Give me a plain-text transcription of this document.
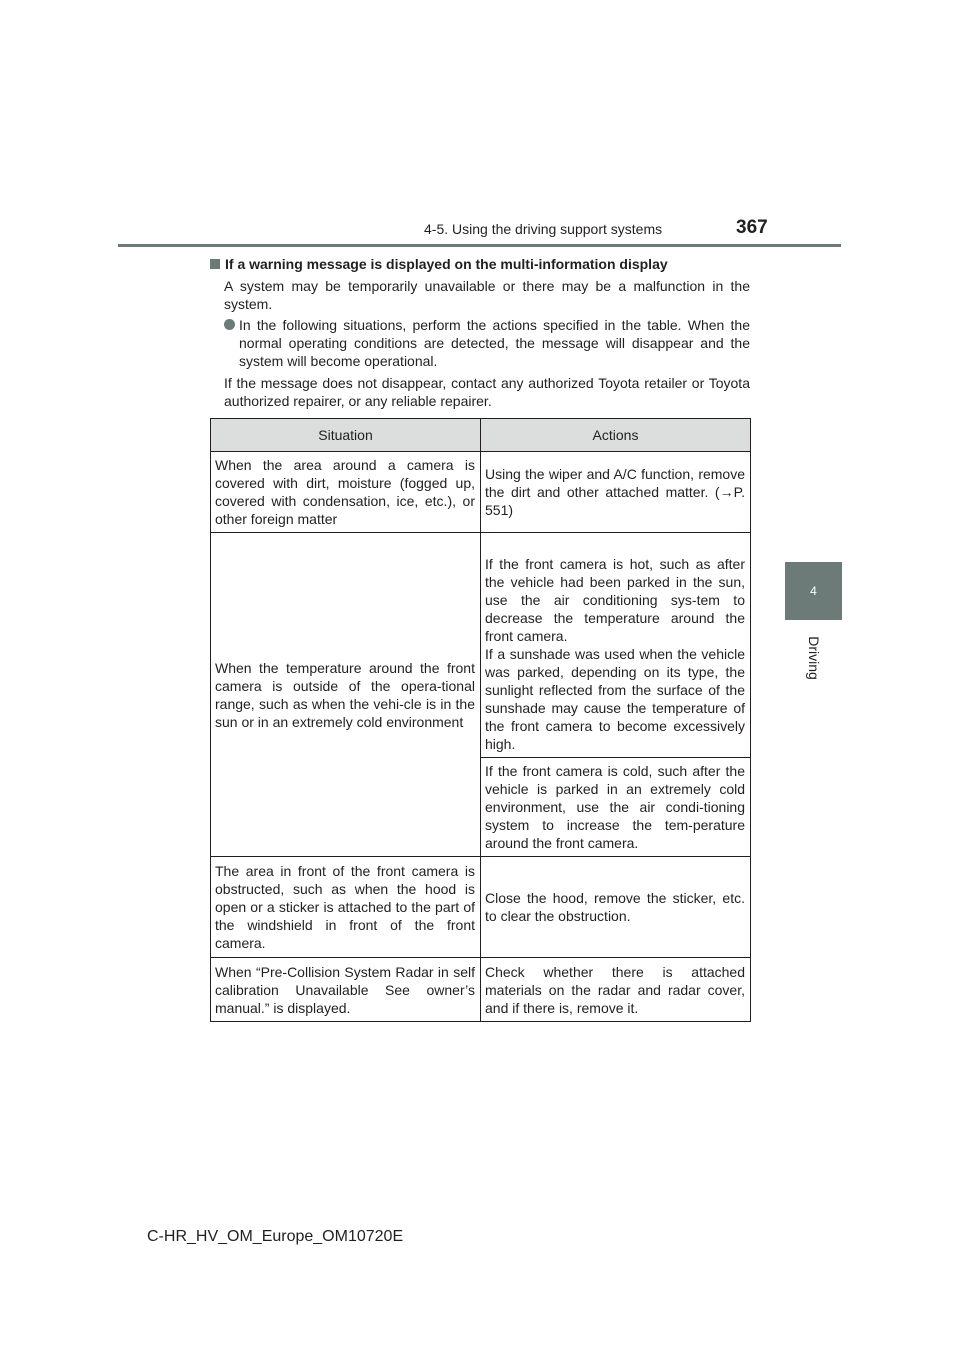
4-5. Using the driving support systems	367
4
Driving
If a warning message is displayed on the multi-information display

A system may be temporarily unavailable or there may be a malfunction in the system.

In the following situations, perform the actions specified in the table. When the normal operating conditions are detected, the message will disappear and the system will become operational.

If the message does not disappear, contact any authorized Toyota retailer or Toyota authorized repairer, or any reliable repairer.

Situation	Actions
When the area around a camera is covered with dirt, moisture (fogged up, covered with condensation, ice, etc.), or other foreign matter	Using the wiper and A/C function, remove the dirt and other attached matter. (→P. 551)
When the temperature around the front camera is outside of the opera-tional range, such as when the vehi-cle is in the sun or in an extremely cold environment	If the front camera is hot, such as after the vehicle had been parked in the sun, use the air conditioning sys-tem to decrease the temperature around the front camera.
If a sunshade was used when the vehicle was parked, depending on its type, the sunlight reflected from the surface of the sunshade may cause the temperature of the front camera to become excessively high.

	If the front camera is cold, such after the vehicle is parked in an extremely cold environment, use the air condi-tioning system to increase the tem-perature around the front camera.
The area in front of the front camera is obstructed, such as when the hood is open or a sticker is attached to the part of the windshield in front of the front camera.	Close the hood, remove the sticker, etc. to clear the obstruction.
When “Pre-Collision System Radar in self calibration Unavailable See owner’s manual.” is displayed.	Check whether there is attached materials on the radar and radar cover, and if there is, remove it.
C-HR_HV_OM_Europe_OM10720E
